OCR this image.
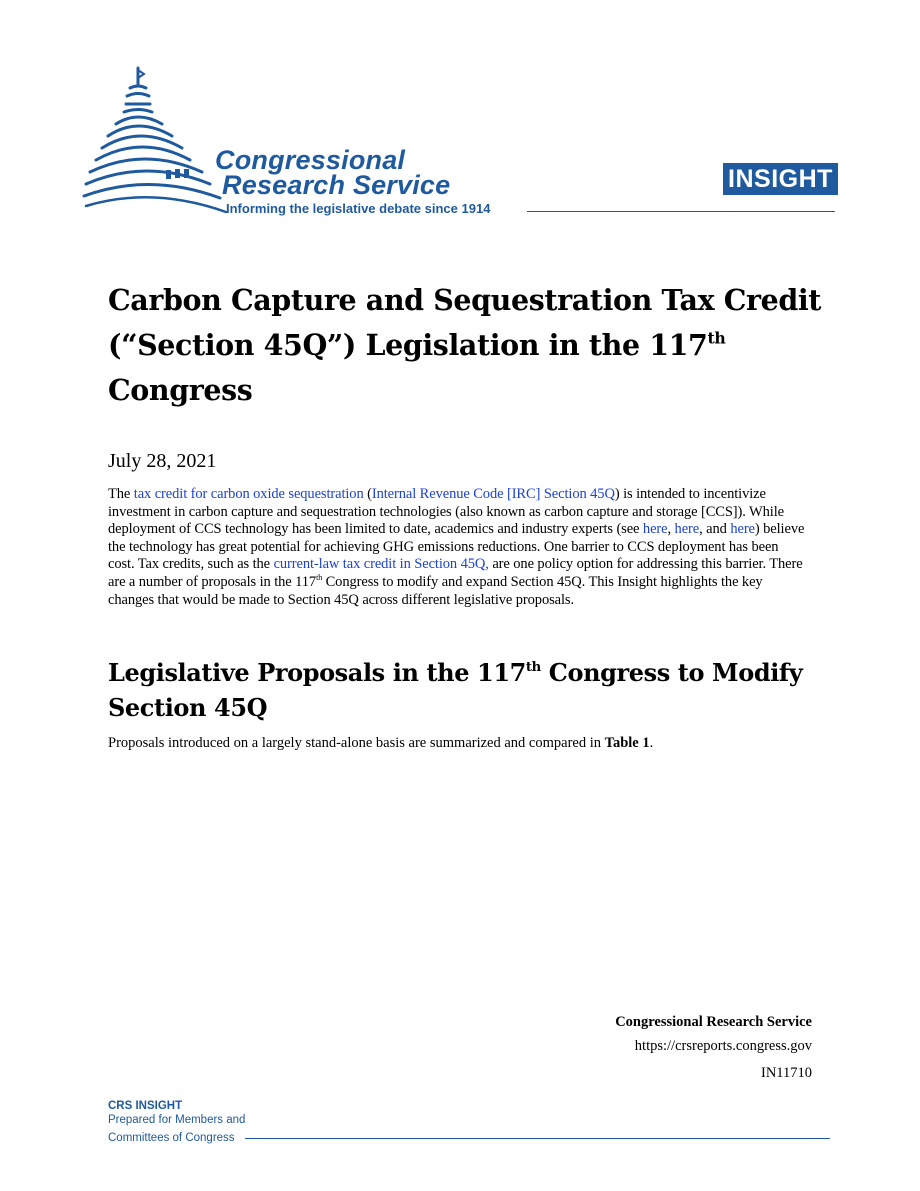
Congressional
Research Service
Informing the legislative debate since 1914
INSIGHT
Carbon Capture and Sequestration Tax Credit (“Section 45Q”) Legislation in the 117th
Congress
July 28, 2021

The tax credit for carbon oxide sequestration (Internal Revenue Code [IRC] Section 45Q) is intended to incentivize investment in carbon capture and sequestration technologies (also known as carbon capture and storage [CCS]). While deployment of CCS technology has been limited to date, academics and industry experts (see here, here, and here) believe the technology has great potential for achieving GHG emissions reductions. One barrier to CCS deployment has been cost. Tax credits, such as the current-law tax credit in Section 45Q, are one policy option for addressing this barrier. There are a number of proposals in the 117th Congress to modify and expand Section 45Q. This Insight highlights the key changes that would be made to Section 45Q across different legislative proposals.

Legislative Proposals in the 117th Congress to Modify Section 45Q

Proposals introduced on a largely stand-alone basis are summarized and compared in Table 1.

Congressional Research Service
https://crsreports.congress.gov
IN11710
CRS INSIGHT
Prepared for Members and
Committees of Congress
